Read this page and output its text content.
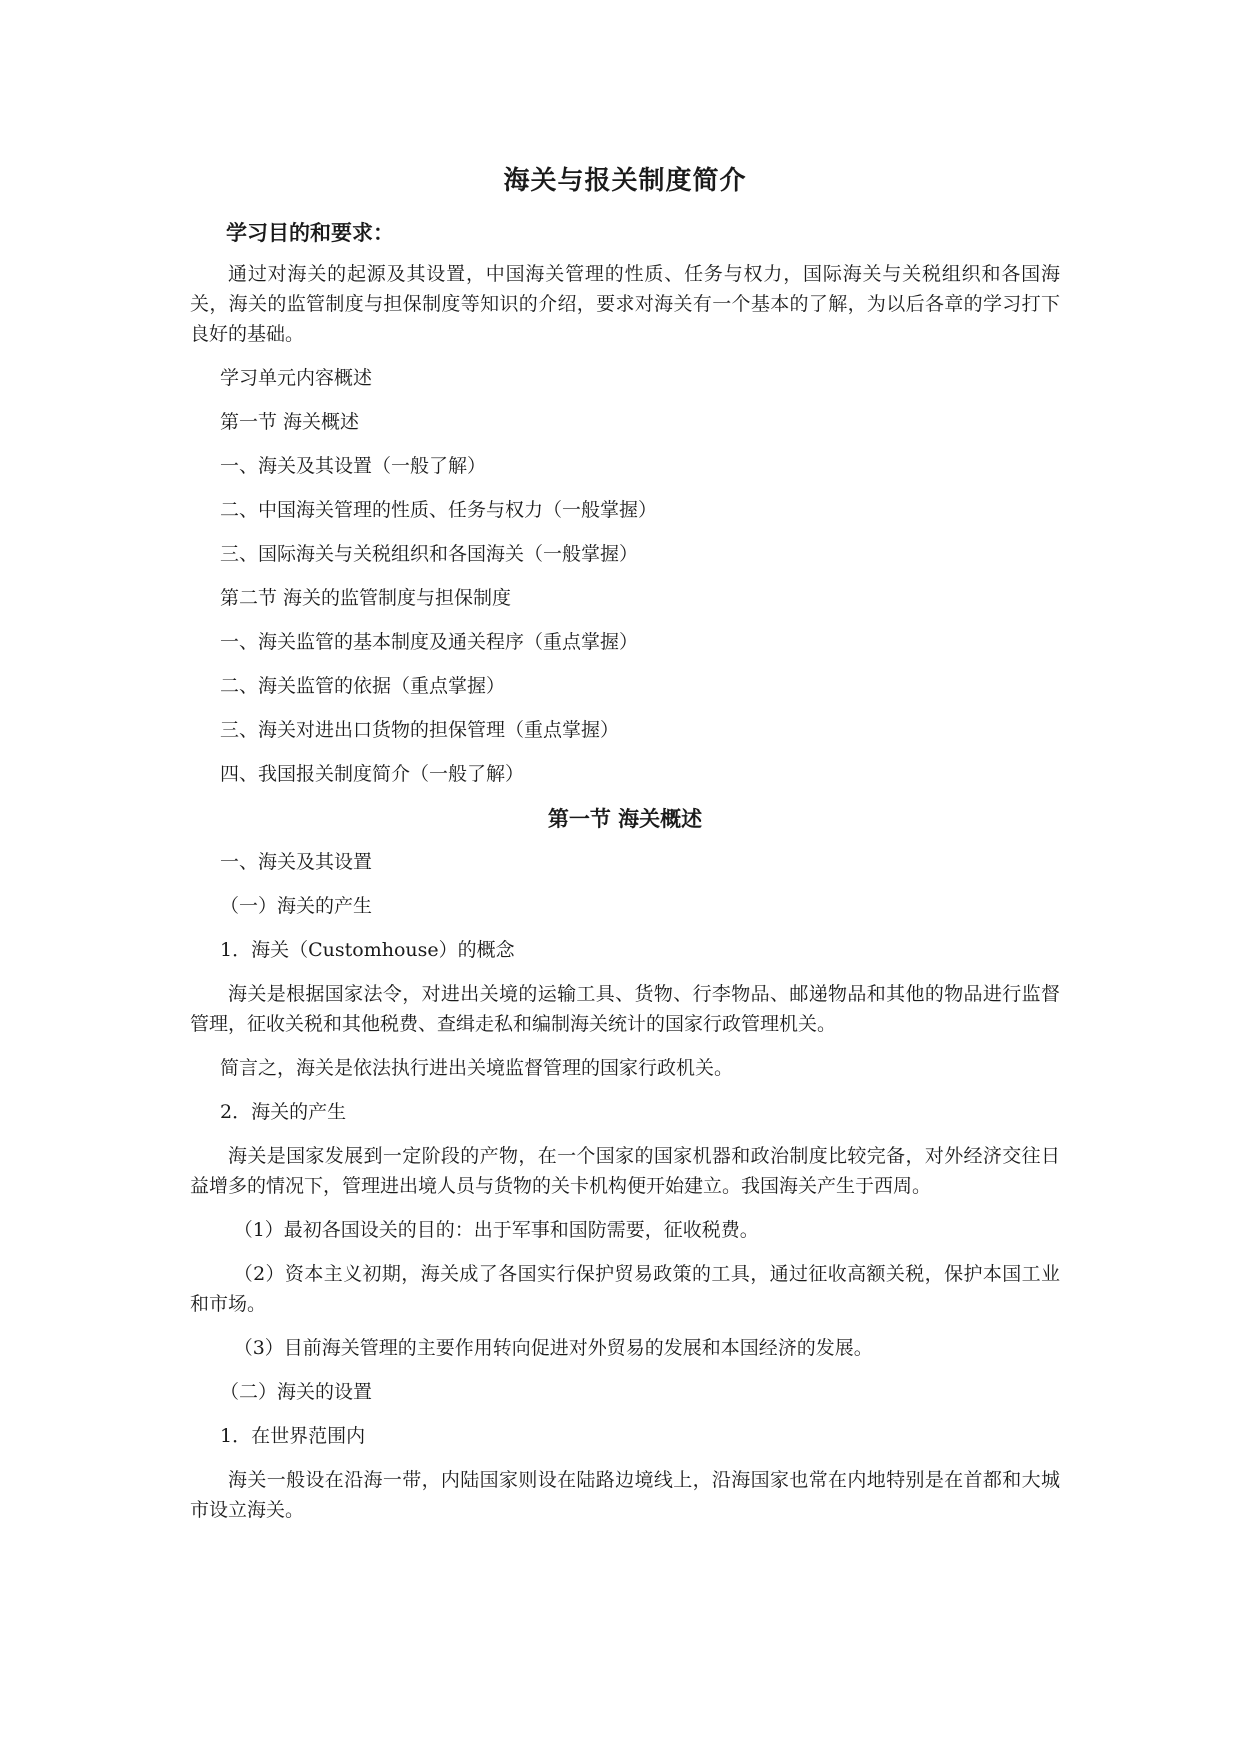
海关与报关制度简介
学习目的和要求：

通过对海关的起源及其设置，中国海关管理的性质、任务与权力，国际海关与关税组织和各国海关，海关的监管制度与担保制度等知识的介绍，要求对海关有一个基本的了解，为以后各章的学习打下良好的基础。

学习单元内容概述
第一节 海关概述
一、海关及其设置（一般了解）
二、中国海关管理的性质、任务与权力（一般掌握）
三、国际海关与关税组织和各国海关（一般掌握）
第二节 海关的监管制度与担保制度
一、海关监管的基本制度及通关程序（重点掌握）
二、海关监管的依据（重点掌握）
三、海关对进出口货物的担保管理（重点掌握）
四、我国报关制度简介（一般了解）
第一节 海关概述
一、海关及其设置
（一）海关的产生
1．海关（Customhouse）的概念

海关是根据国家法令，对进出关境的运输工具、货物、行李物品、邮递物品和其他的物品进行监督管理，征收关税和其他税费、查缉走私和编制海关统计的国家行政管理机关。

简言之，海关是依法执行进出关境监督管理的国家行政机关。
2．海关的产生

海关是国家发展到一定阶段的产物，在一个国家的国家机器和政治制度比较完备，对外经济交往日益增多的情况下，管理进出境人员与货物的关卡机构便开始建立。我国海关产生于西周。

（1）最初各国设关的目的：出于军事和国防需要，征收税费。

（2）资本主义初期，海关成了各国实行保护贸易政策的工具，通过征收高额关税，保护本国工业和市场。

（3）目前海关管理的主要作用转向促进对外贸易的发展和本国经济的发展。

（二）海关的设置
1．在世界范围内

海关一般设在沿海一带，内陆国家则设在陆路边境线上，沿海国家也常在内地特别是在首都和大城市设立海关。
